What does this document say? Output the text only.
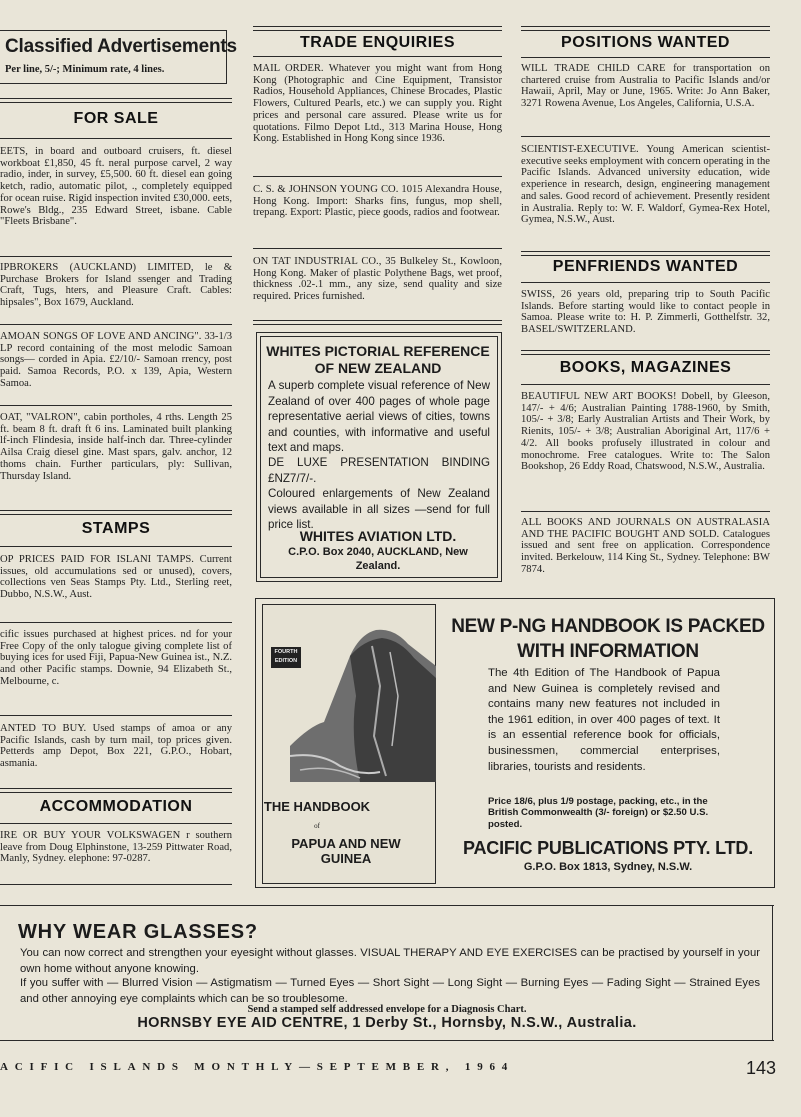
Classified Advertisements
Per line, 5/-; Minimum rate, 4 lines.
FOR SALE
EETS, in board and outboard cruisers, ft. diesel workboat £1,850, 45 ft. neral purpose carvel, 2 way radio, inder, in survey, £5,500. 60 ft. diesel ean going ketch, radio, automatic pilot, ., completely equipped for ocean ruise. Rigid inspection invited £30,000. eets, Rowe's Bldg., 235 Edward Street, isbane. Cable "Fleets Brisbane".
IPBROKERS (AUCKLAND) LIMITED, le & Purchase Brokers for Island ssenger and Trading Craft, Tugs, hters, and Pleasure Craft. Cables: hipsales", Box 1679, Auckland.
AMOAN SONGS OF LOVE AND ANCING". 33-1/3 LP record containing of the most melodic Samoan songs— corded in Apia. £2/10/- Samoan rrency, post paid. Samoa Records, P.O. x 139, Apia, Western Samoa.
OAT, "VALRON", cabin portholes, 4 rths. Length 25 ft. beam 8 ft. draft ft 6 ins. Laminated built planking lf-inch Flindesia, inside half-inch dar. Three-cylinder Ailsa Craig diesel gine. Mast spars, galv. anchor, 12 thoms chain. Further particulars, ply: Sullivan, Thursday Island.
STAMPS
OP PRICES PAID FOR ISLANI TAMPS. Current issues, old accumulations sed or unused), covers, collections ven Seas Stamps Pty. Ltd., Sterling reet, Dubbo, N.S.W., Aust.
cific issues purchased at highest prices. nd for your Free Copy of the only talogue giving complete list of buying ices for used Fiji, Papua-New Guinea ist., N.Z. and other Pacific stamps. Downie, 94 Elizabeth St., Melbourne, c.
ANTED TO BUY. Used stamps of amoa or any Pacific Islands, cash by turn mail, top prices given. Petterds amp Depot, Box 221, G.P.O., Hobart, asmania.
ACCOMMODATION
IRE OR BUY YOUR VOLKSWAGEN r southern leave from Doug Elphinstone, 13-259 Pittwater Road, Manly, Sydney. elephone: 97-0287.
TRADE ENQUIRIES
MAIL ORDER. Whatever you might want from Hong Kong (Photographic and Cine Equipment, Transistor Radios, Household Appliances, Chinese Brocades, Plastic Flowers, Cultured Pearls, etc.) we can supply you. Right prices and personal care assured. Please write us for quotations. Filmo Depot Ltd., 313 Marina House, Hong Kong. Established in Hong Kong since 1936.
C. S. & JOHNSON YOUNG CO. 1015 Alexandra House, Hong Kong. Import: Sharks fins, fungus, mop shell, trepang. Export: Plastic, piece goods, radios and footwear.
ON TAT INDUSTRIAL CO., 35 Bulkeley St., Kowloon, Hong Kong. Maker of plastic Polythene Bags, wet proof, thickness .02-.1 mm., any size, send quality and size required. Prices furnished.
WHITES PICTORIAL REFERENCE OF NEW ZEALAND
A superb complete visual reference of New Zealand of over 400 pages of whole page representative aerial views of cities, towns and counties, with informative and useful text and maps.
DE LUXE PRESENTATION BINDING £NZ7/7/-.
Coloured enlargements of New Zealand views available in all sizes —send for full price list.
WHITES AVIATION LTD.
C.P.O. Box 2040, AUCKLAND, New Zealand.
POSITIONS WANTED
WILL TRADE CHILD CARE for transportation on chartered cruise from Australia to Pacific Islands and/or Hawaii, April, May or June, 1965. Write: Jo Ann Baker, 3271 Rowena Avenue, Los Angeles, California, U.S.A.
SCIENTIST-EXECUTIVE. Young American scientist-executive seeks employment with concern operating in the Pacific Islands. Advanced university education, wide experience in research, design, engineering management and sales. Good record of achievement. Presently resident in Australia. Reply to: W. F. Waldorf, Gymea-Rex Hotel, Gymea, N.S.W., Aust.
PENFRIENDS WANTED
SWISS, 26 years old, preparing trip to South Pacific Islands. Before starting would like to contact people in Samoa. Please write to: H. P. Zimmerli, Gotthelfstr. 32, BASEL/SWITZERLAND.
BOOKS, MAGAZINES
BEAUTIFUL NEW ART BOOKS! Dobell, by Gleeson, 147/- + 4/6; Australian Painting 1788-1960, by Smith, 105/- + 3/8; Early Australian Artists and Their Work, by Rienits, 105/- + 3/8; Australian Aboriginal Art, 117/6 + 4/2. All books profusely illustrated in colour and monochrome. Free catalogues. Write to: The Salon Bookshop, 26 Eddy Road, Chatswood, N.S.W., Australia.
ALL BOOKS AND JOURNALS ON AUSTRALASIA AND THE PACIFIC BOUGHT AND SOLD. Catalogues issued and sent free on application. Correspondence invited. Berkelouw, 114 King St., Sydney. Telephone: BW 7874.
FOURTH EDITION
THE HANDBOOK
of
PAPUA AND NEW GUINEA
NEW P-NG HANDBOOK IS PACKED WITH INFORMATION
The 4th Edition of The Handbook of Papua and New Guinea is completely revised and contains many new features not included in the 1961 edition, in over 400 pages of text. It is an essential reference book for officials, businessmen, commercial enterprises, libraries, tourists and residents.
Price 18/6, plus 1/9 postage, packing, etc., in the British Commonwealth (3/- foreign) or $2.50 U.S. posted.
PACIFIC PUBLICATIONS PTY. LTD.
G.P.O. Box 1813, Sydney, N.S.W.
WHY WEAR GLASSES?
You can now correct and strengthen your eyesight without glasses. VISUAL THERAPY AND EYE EXERCISES can be practised by yourself in your own home without anyone knowing.
If you suffer with — Blurred Vision — Astigmatism — Turned Eyes — Short Sight — Long Sight — Burning Eyes — Fading Sight — Strained Eyes and other annoying eye complaints which can be so troublesome.
Send a stamped self addressed envelope for a Diagnosis Chart.
HORNSBY EYE AID CENTRE, 1 Derby St., Hornsby, N.S.W., Australia.
ACIFIC ISLANDS MONTHLY—SEPTEMBER, 1964	143
